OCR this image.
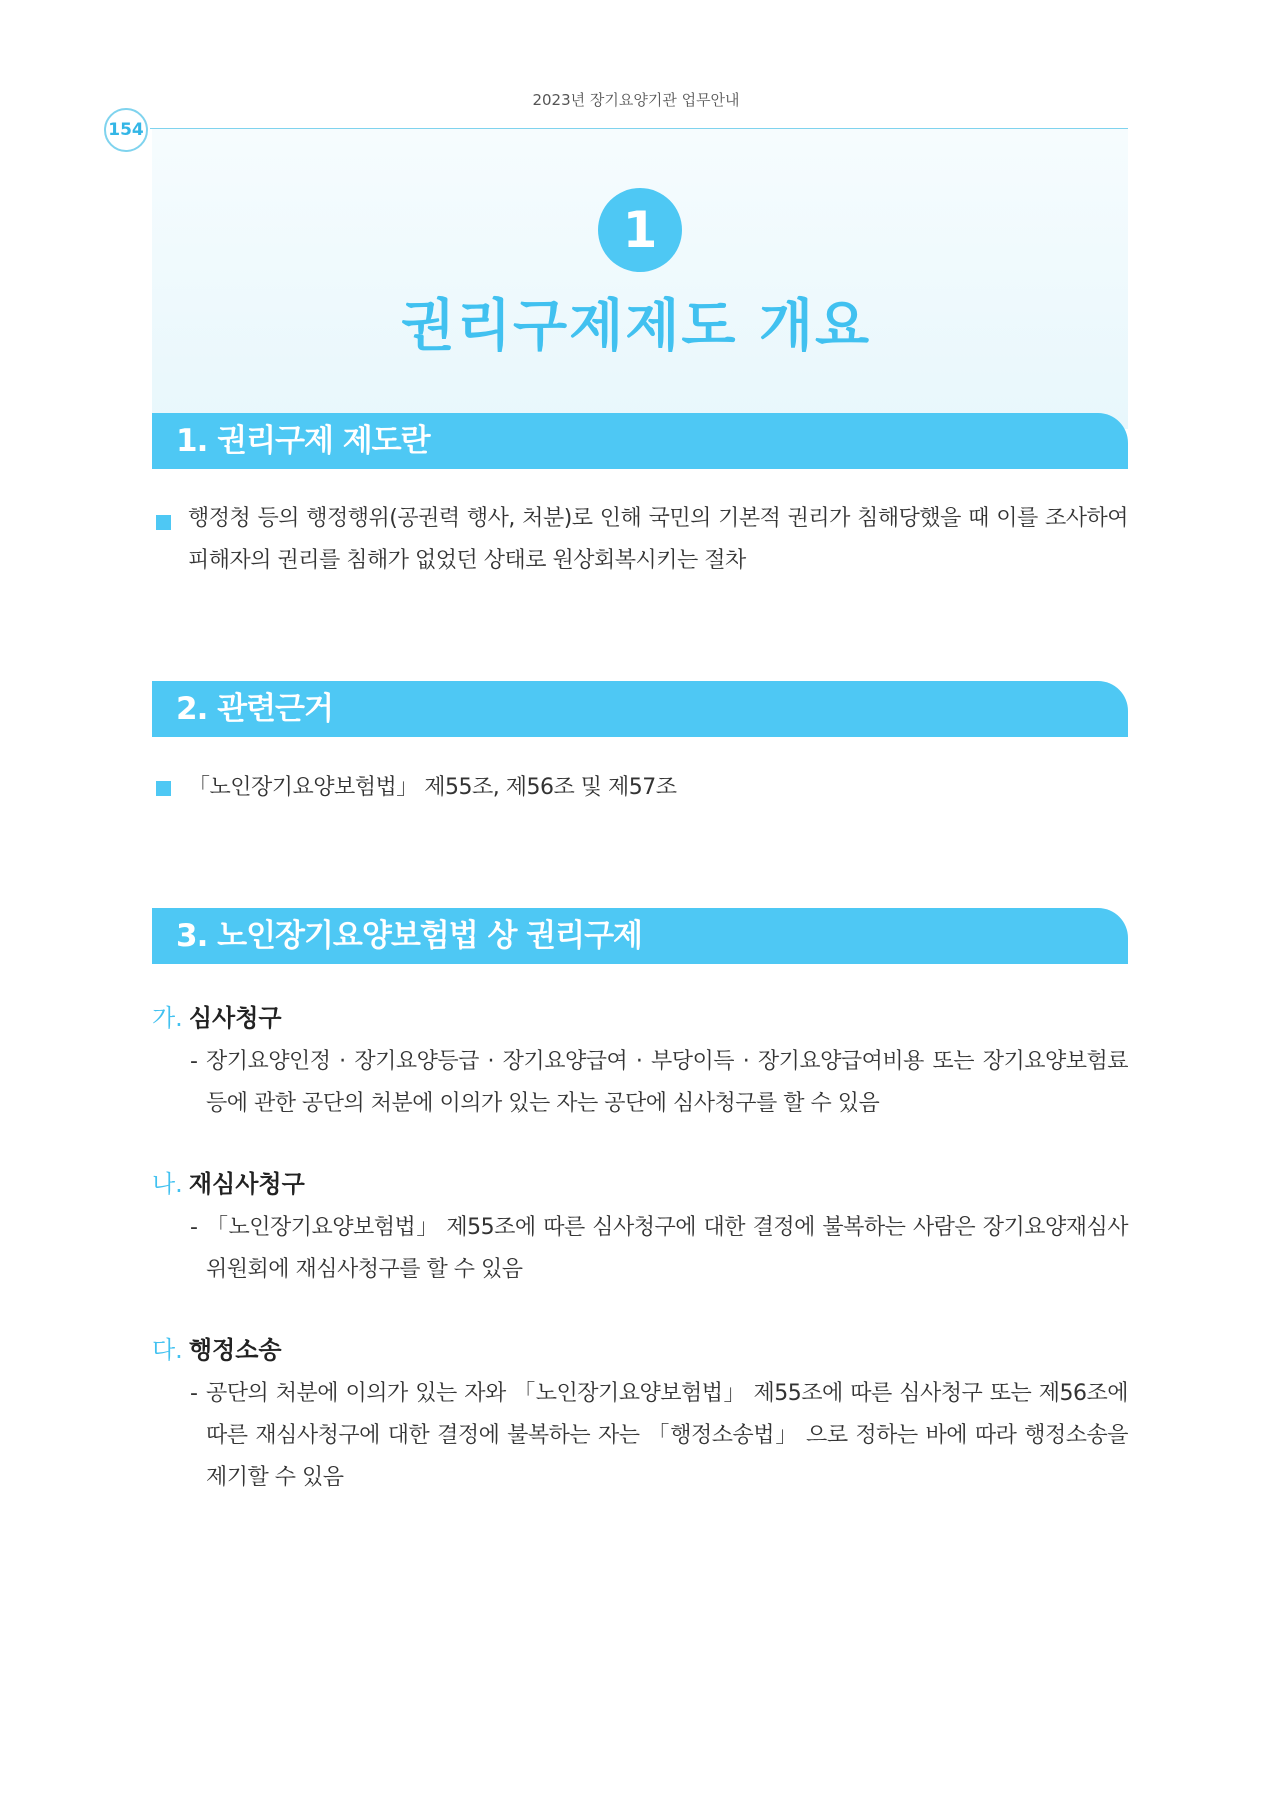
2023년 장기요양기관 업무안내
154
1
권리구제제도 개요
1. 권리구제 제도란
행정청 등의 행정행위(공권력 행사, 처분)로 인해 국민의 기본적 권리가 침해당했을 때 이를 조사하여 피해자의 권리를 침해가 없었던 상태로 원상회복시키는 절차
2. 관련근거
「노인장기요양보험법」 제55조, 제56조 및 제57조
3. 노인장기요양보험법 상 권리구제
가. 심사청구
- 장기요양인정 · 장기요양등급 · 장기요양급여 · 부당이득 · 장기요양급여비용 또는 장기요양보험료 등에 관한 공단의 처분에 이의가 있는 자는 공단에 심사청구를 할 수 있음
나. 재심사청구
- 「노인장기요양보험법」 제55조에 따른 심사청구에 대한 결정에 불복하는 사람은 장기요양재심사위원회에 재심사청구를 할 수 있음
다. 행정소송
- 공단의 처분에 이의가 있는 자와 「노인장기요양보험법」 제55조에 따른 심사청구 또는 제56조에 따른 재심사청구에 대한 결정에 불복하는 자는 「행정소송법」 으로 정하는 바에 따라 행정소송을 제기할 수 있음
